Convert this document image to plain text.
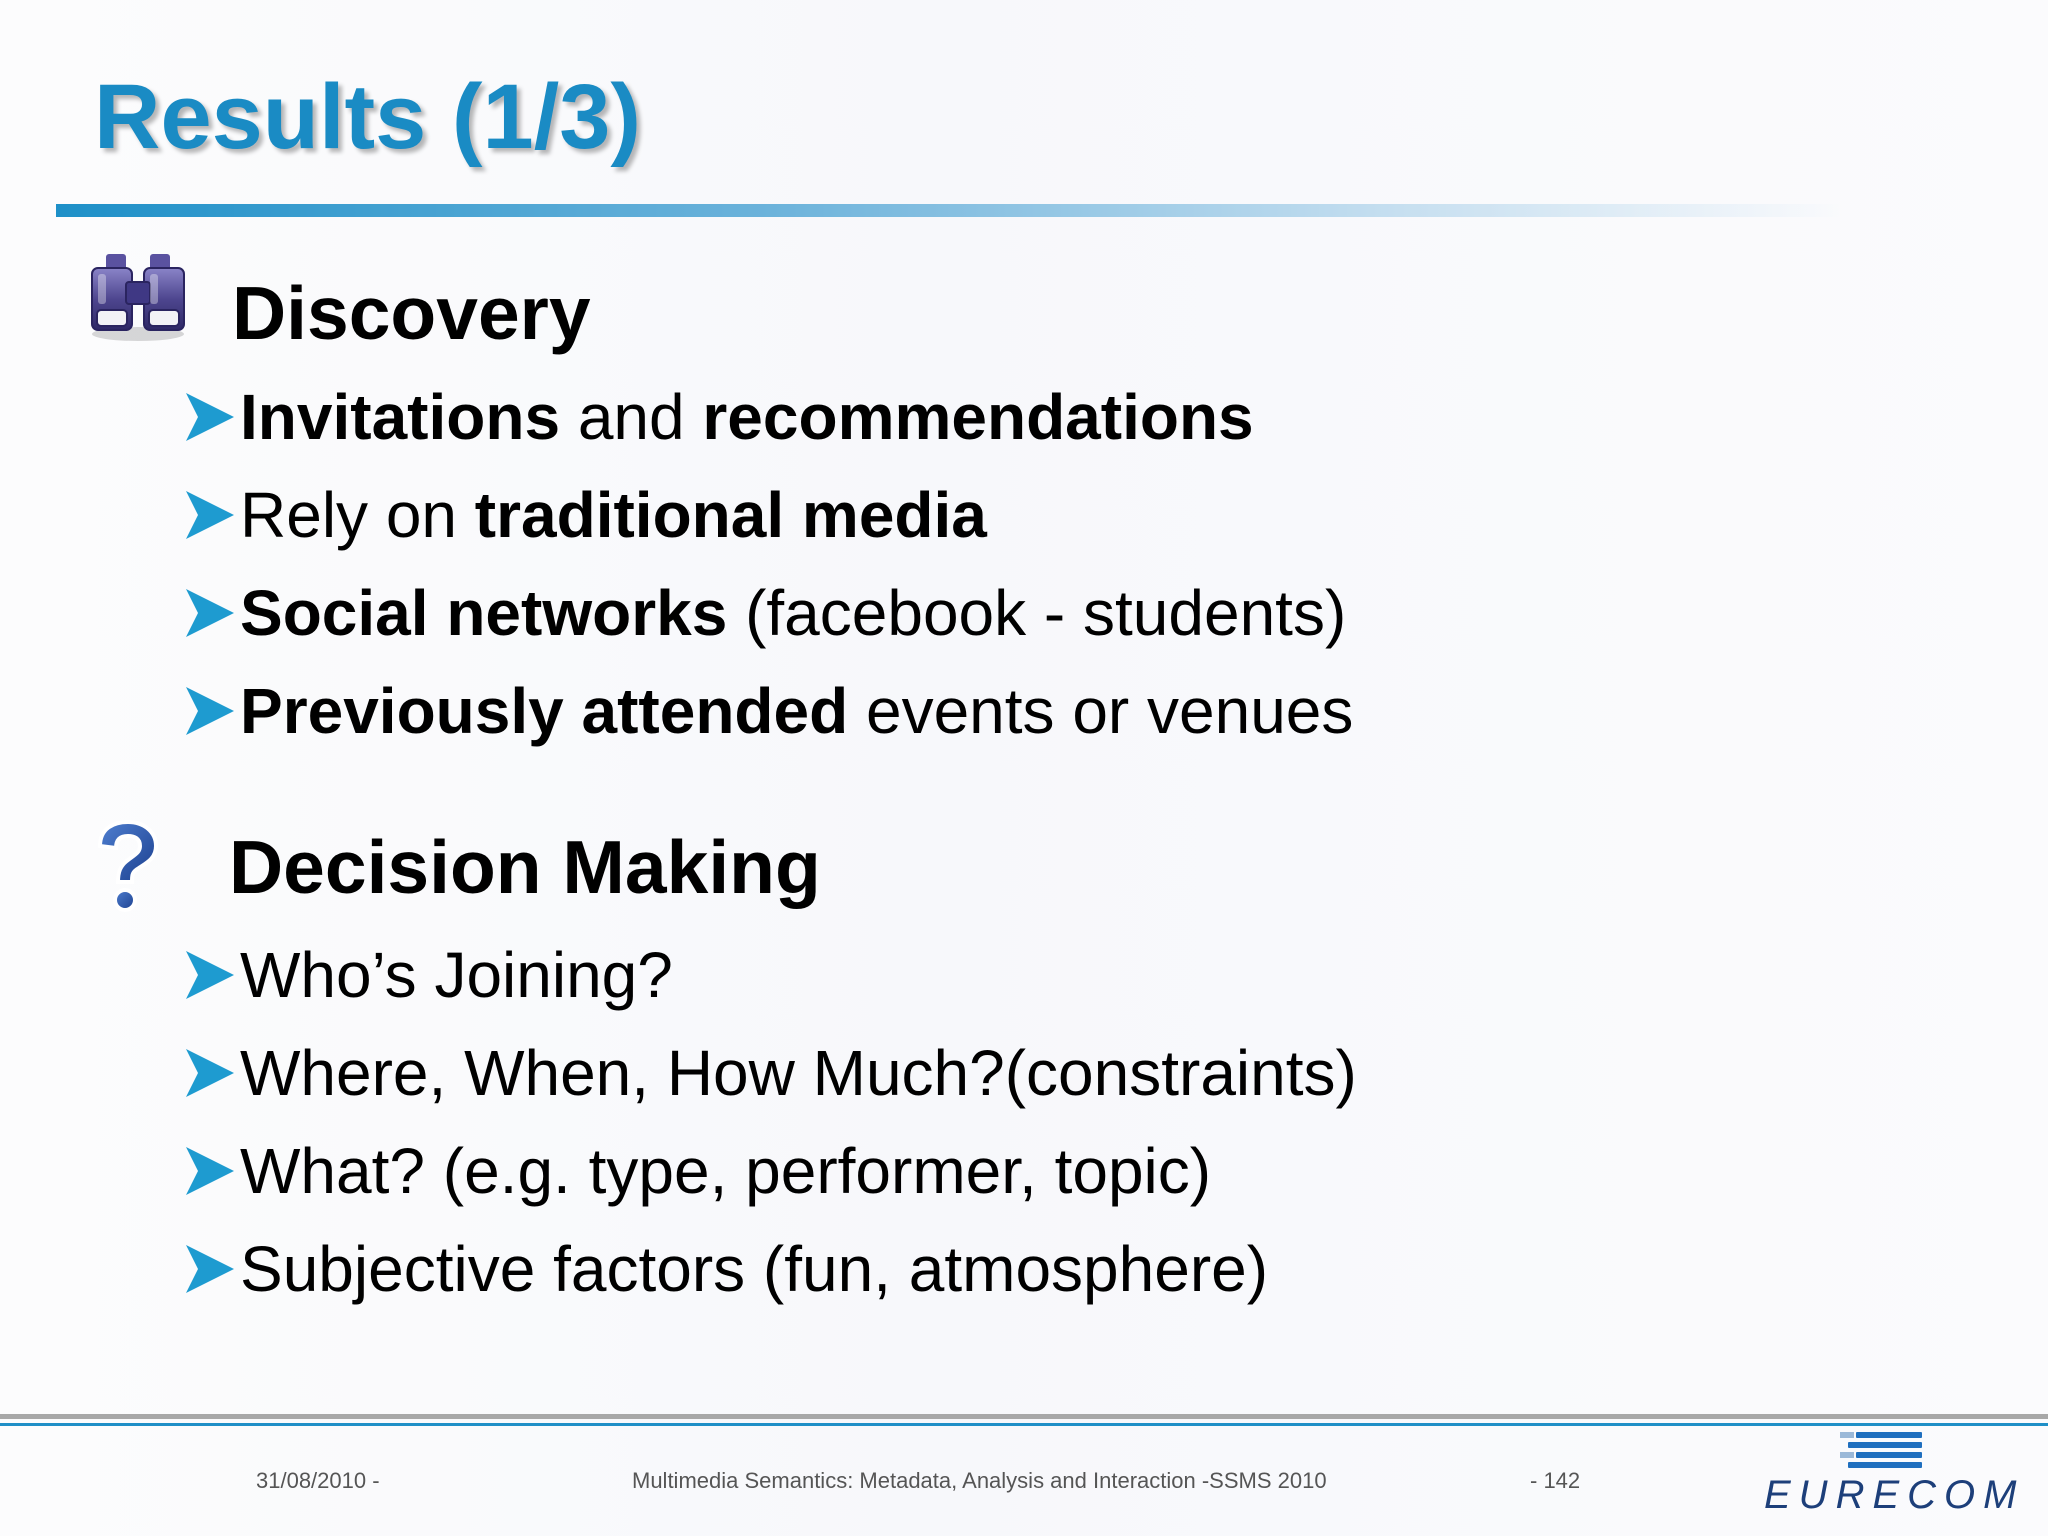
Results (1/3)
Discovery
Invitations and recommendations
Rely on traditional media
Social networks (facebook - students)
Previously attended events or venues
Decision Making
Who’s Joining?
Where, When, How Much?(constraints)
What? (e.g. type, performer, topic)
Subjective factors (fun, atmosphere)
31/08/2010 -	Multimedia Semantics: Metadata, Analysis and Interaction -SSMS 2010	- 142	EURECOM
